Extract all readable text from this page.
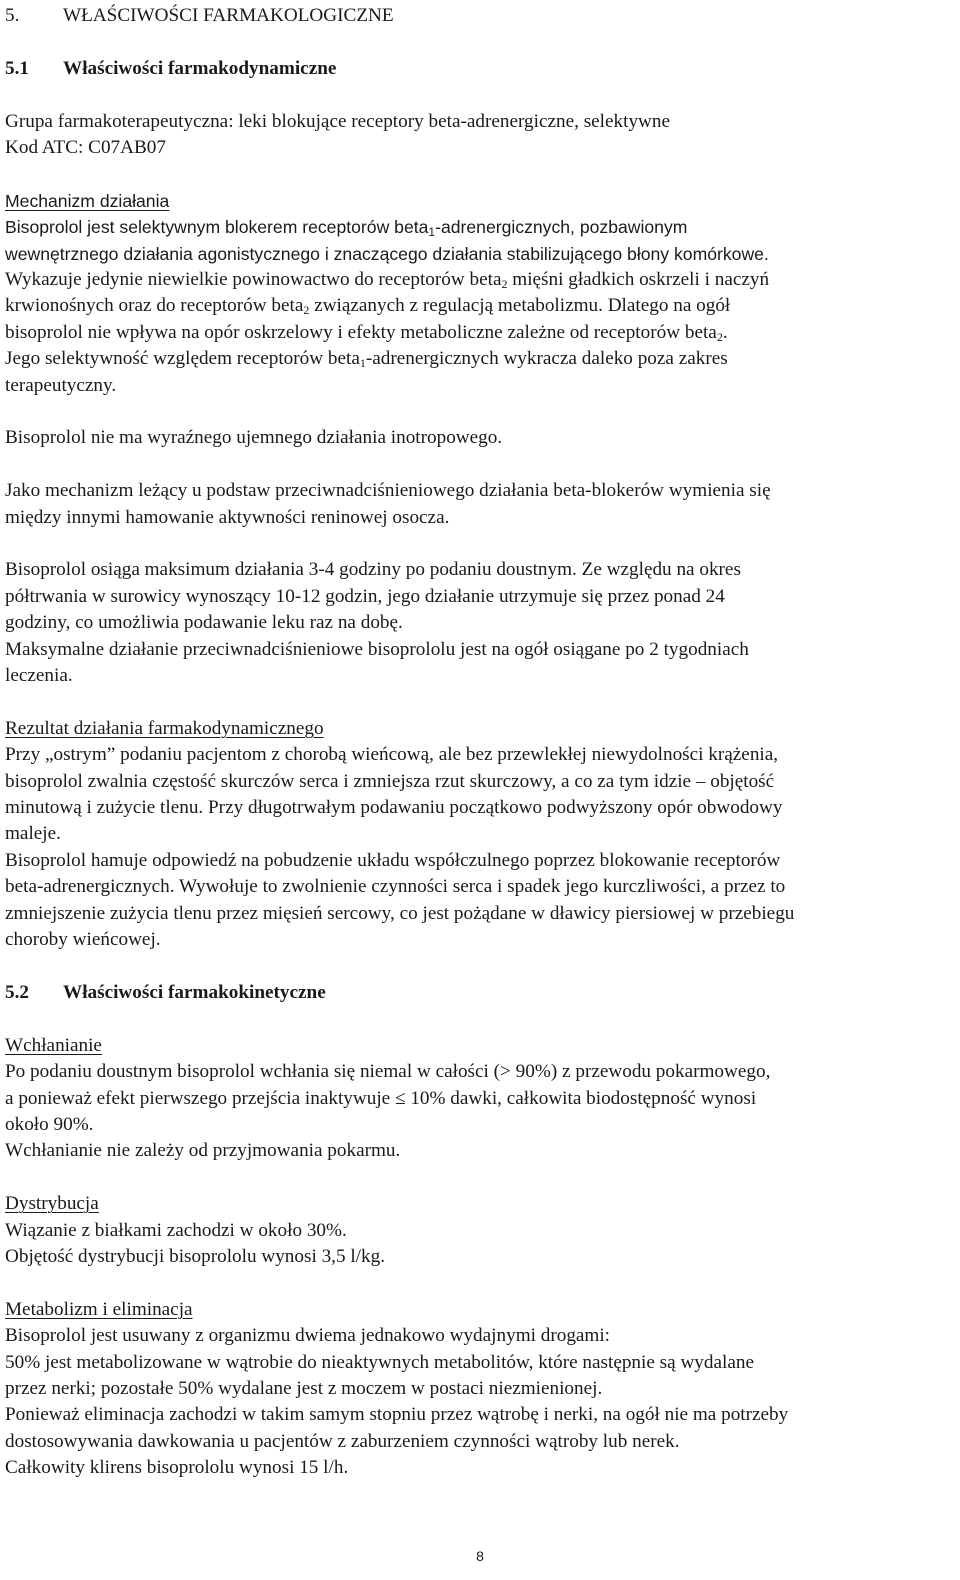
5. WŁAŚCIWOŚCI FARMAKOLOGICZNE

5.1 Właściwości farmakodynamiczne

Grupa farmakoterapeutyczna: leki blokujące receptory beta-adrenergiczne, selektywne

Kod ATC: C07AB07

Mechanizm działania

Bisoprolol jest selektywnym blokerem receptorów beta$_1$-adrenergicznych, pozbawionym

wewnętrznego działania agonistycznego i znaczącego działania stabilizującego błony komórkowe.

Wykazuje jedynie niewielkie powinowactwo do receptorów beta$_2$ mięśni gładkich oskrzeli i naczyń

krwionośnych oraz do receptorów beta$_2$ związanych z regulacją metabolizmu. Dlatego na ogół

bisoprolol nie wpływa na opór oskrzelowy i efekty metaboliczne zależne od receptorów beta$_2$.

Jego selektywność względem receptorów beta$_1$-adrenergicznych wykracza daleko poza zakres

terapeutyczny.

Bisoprolol nie ma wyraźnego ujemnego działania inotropowego.

Jako mechanizm leżący u podstaw przeciwnadciśnieniowego działania beta-blokerów wymienia się

między innymi hamowanie aktywności reninowej osocza.

Bisoprolol osiąga maksimum działania 3-4 godziny po podaniu doustnym. Ze względu na okres

półtrwania w surowicy wynoszący 10-12 godzin, jego działanie utrzymuje się przez ponad 24

godziny, co umożliwia podawanie leku raz na dobę.

Maksymalne działanie przeciwnadciśnieniowe bisoprololu jest na ogół osiągane po 2 tygodniach

leczenia.

Rezultat działania farmakodynamicznego

Przy „ostrym” podaniu pacjentom z chorobą wieńcową, ale bez przewlekłej niewydolności krążenia,

bisoprolol zwalnia częstość skurczów serca i zmniejsza rzut skurczowy, a co za tym idzie – objętość

minutową i zużycie tlenu. Przy długotrwałym podawaniu początkowo podwyższony opór obwodowy

maleje.

Bisoprolol hamuje odpowiedź na pobudzenie układu współczulnego poprzez blokowanie receptorów

beta-adrenergicznych. Wywołuje to zwolnienie czynności serca i spadek jego kurczliwości, a przez to

zmniejszenie zużycia tlenu przez mięsień sercowy, co jest pożądane w dławicy piersiowej w przebiegu

choroby wieńcowej.

5.2 Właściwości farmakokinetyczne

Wchłanianie

Po podaniu doustnym bisoprolol wchłania się niemal w całości (> 90%) z przewodu pokarmowego,

a ponieważ efekt pierwszego przejścia inaktywuje ≤ 10% dawki, całkowita biodostępność wynosi

około 90%.

Wchłanianie nie zależy od przyjmowania pokarmu.

Dystrybucja

Wiązanie z białkami zachodzi w około 30%.

Objętość dystrybucji bisoprololu wynosi 3,5 l/kg.

Metabolizm i eliminacja

Bisoprolol jest usuwany z organizmu dwiema jednakowo wydajnymi drogami:

50% jest metabolizowane w wątrobie do nieaktywnych metabolitów, które następnie są wydalane

przez nerki; pozostałe 50% wydalane jest z moczem w postaci niezmienionej.

Ponieważ eliminacja zachodzi w takim samym stopniu przez wątrobę i nerki, na ogół nie ma potrzeby

dostosowywania dawkowania u pacjentów z zaburzeniem czynności wątroby lub nerek.

Całkowity klirens bisoprololu wynosi 15 l/h.

8
